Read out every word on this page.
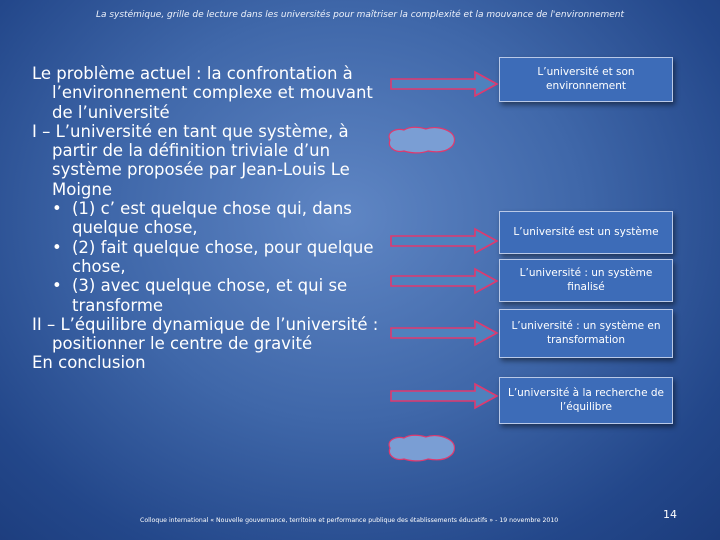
La systémique, grille de lecture dans les universités pour maîtriser la complexité et la mouvance de l'environnement

Le problème actuel : la confrontation à l’environnement complexe et mouvant de l’université

I – L’université en tant que système, à partir de la définition triviale d’un système proposée par Jean-Louis Le Moigne

• (1) c’ est quelque chose qui, dans quelque chose,

• (2) fait quelque chose, pour quelque chose,

• (3) avec quelque chose, et qui se transforme

II – L’équilibre dynamique de l’université : positionner le centre de gravité

En conclusion

L’université et son environnement
L’université est un système
L’université : un système finalisé
L’université : un système en transformation
L’université à la recherche de l’équilibre
Colloque international « Nouvelle gouvernance, territoire et performance publique des établissements éducatifs » - 19 novembre 2010	14
